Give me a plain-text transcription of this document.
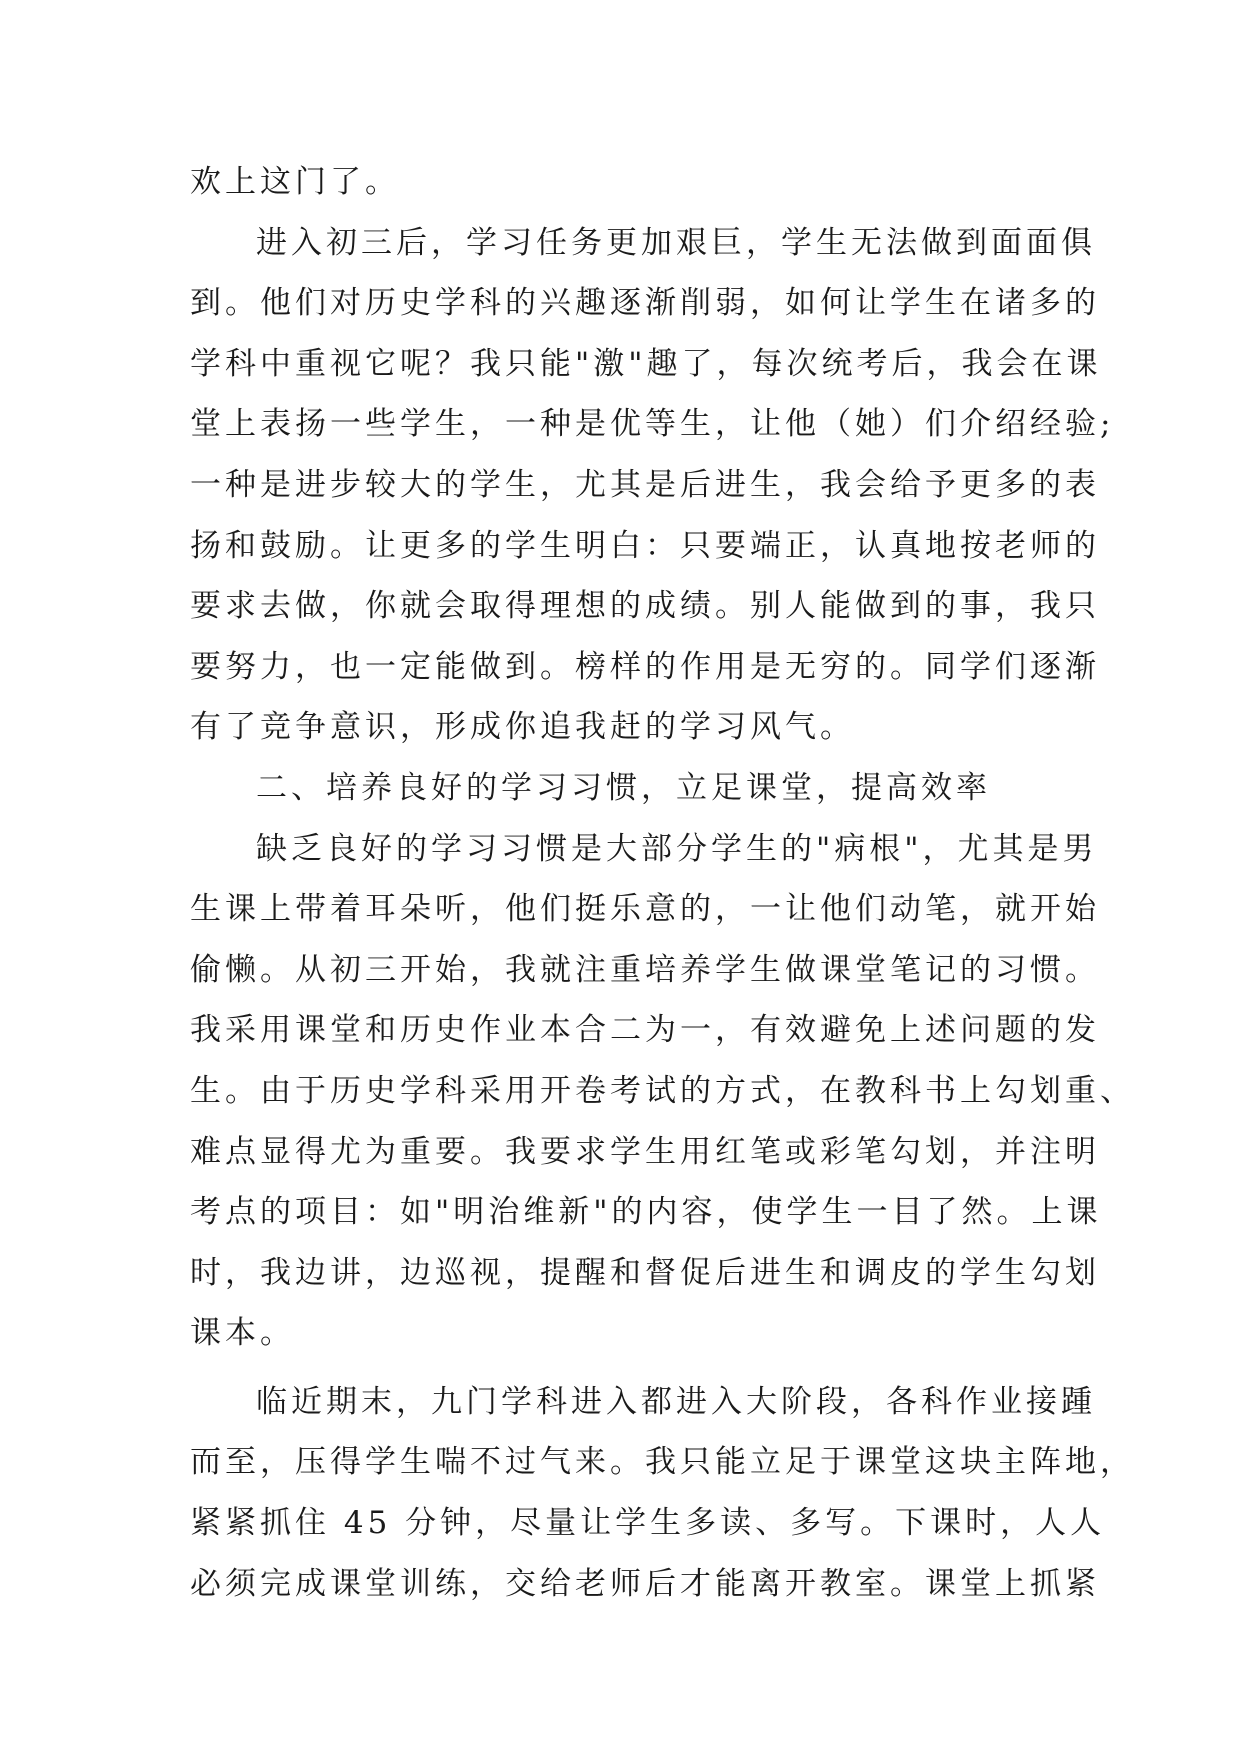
欢上这门了。
进入初三后，学习任务更加艰巨，学生无法做到面面俱
到。他们对历史学科的兴趣逐渐削弱，如何让学生在诸多的
学科中重视它呢？我只能"激"趣了，每次统考后，我会在课
堂上表扬一些学生，一种是优等生，让他（她）们介绍经验;
一种是进步较大的学生，尤其是后进生，我会给予更多的表
扬和鼓励。让更多的学生明白：只要端正，认真地按老师的
要求去做，你就会取得理想的成绩。别人能做到的事，我只
要努力，也一定能做到。榜样的作用是无穷的。同学们逐渐
有了竞争意识，形成你追我赶的学习风气。
二、培养良好的学习习惯，立足课堂，提高效率
缺乏良好的学习习惯是大部分学生的"病根"，尤其是男
生课上带着耳朵听，他们挺乐意的，一让他们动笔，就开始
偷懒。从初三开始，我就注重培养学生做课堂笔记的习惯。
我采用课堂和历史作业本合二为一，有效避免上述问题的发
生。由于历史学科采用开卷考试的方式，在教科书上勾划重、
难点显得尤为重要。我要求学生用红笔或彩笔勾划，并注明
考点的项目：如"明治维新"的内容，使学生一目了然。上课
时，我边讲，边巡视，提醒和督促后进生和调皮的学生勾划
课本。
临近期末，九门学科进入都进入大阶段，各科作业接踵
而至，压得学生喘不过气来。我只能立足于课堂这块主阵地，
紧紧抓住 45 分钟，尽量让学生多读、多写。下课时，人人
必须完成课堂训练，交给老师后才能离开教室。课堂上抓紧
